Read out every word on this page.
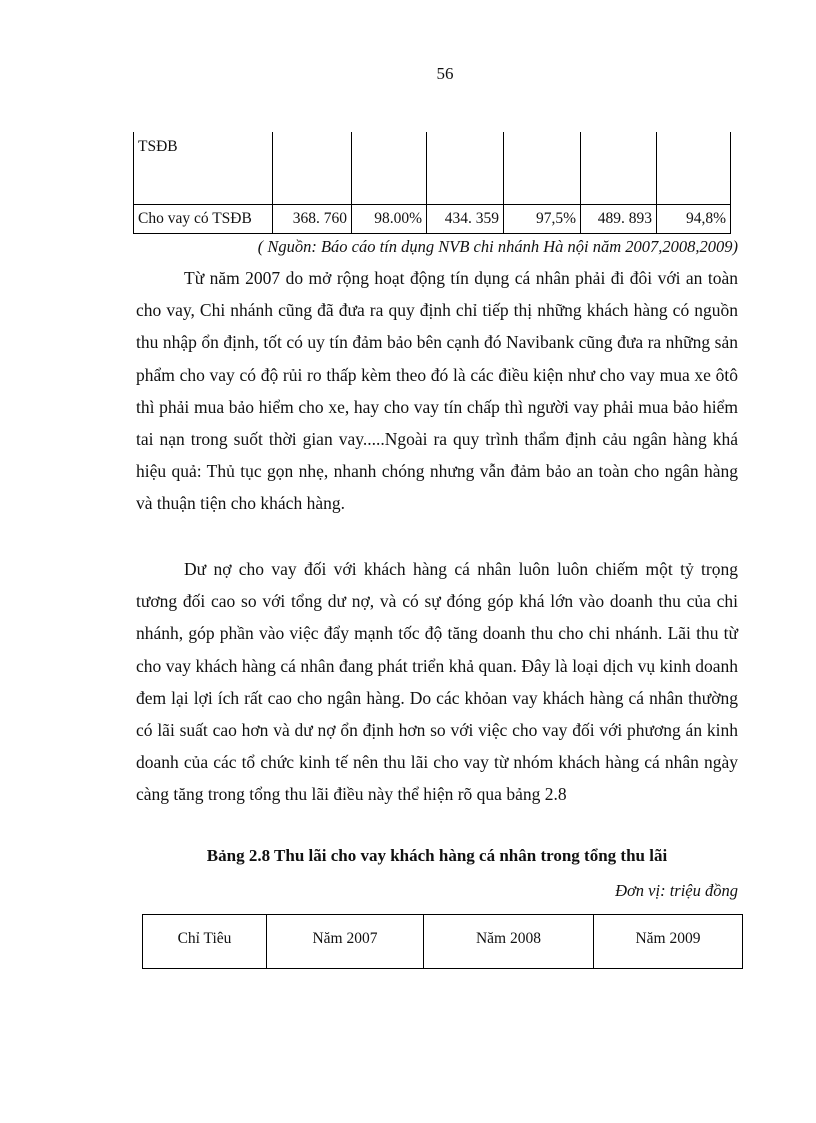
56
TSĐB						
Cho vay có TSĐB	368. 760	98.00%	434. 359	97,5%	489. 893	94,8%
( Nguồn: Báo cáo tín dụng NVB chi nhánh Hà nội năm 2007,2008,2009)

Từ năm 2007 do mở rộng hoạt động tín dụng cá nhân phải đi đôi với an toàn cho vay, Chi nhánh cũng đã đưa ra quy định chỉ tiếp thị những khách hàng có nguồn thu nhập ổn định, tốt có uy tín đảm bảo bên cạnh đó Navibank cũng đưa ra những sản phẩm cho vay có độ rủi ro thấp kèm theo đó là các điều kiện như cho vay mua xe ôtô thì phải mua bảo hiểm cho xe, hay cho vay tín chấp thì người vay phải mua bảo hiểm tai nạn trong suốt thời gian vay.....Ngoài ra quy trình thẩm định cảu ngân hàng khá hiệu quả: Thủ tục gọn nhẹ, nhanh chóng nhưng vẫn đảm bảo an toàn cho ngân hàng và thuận tiện cho khách hàng.

Dư nợ cho vay đối với khách hàng cá nhân luôn luôn chiếm một tỷ trọng tương đối cao so với tổng dư nợ, và có sự đóng góp khá lớn vào doanh thu của chi nhánh, góp phần vào việc đẩy mạnh tốc độ tăng doanh thu cho chi nhánh. Lãi thu từ cho vay khách hàng cá nhân đang phát triển khả quan. Đây là loại dịch vụ kinh doanh đem lại lợi ích rất cao cho ngân hàng. Do các khỏan vay khách hàng cá nhân thường có lãi suất cao hơn và dư nợ ổn định hơn so với việc cho vay đối với phương án kinh doanh của các tổ chức kinh tế nên thu lãi cho vay từ nhóm khách hàng cá nhân ngày càng tăng trong tổng thu lãi điều này thể hiện rõ qua bảng 2.8

Bảng 2.8 Thu lãi cho vay khách hàng cá nhân trong tổng thu lãi
Đơn vị: triệu đồng
Chỉ Tiêu	Năm 2007	Năm 2008	Năm 2009
